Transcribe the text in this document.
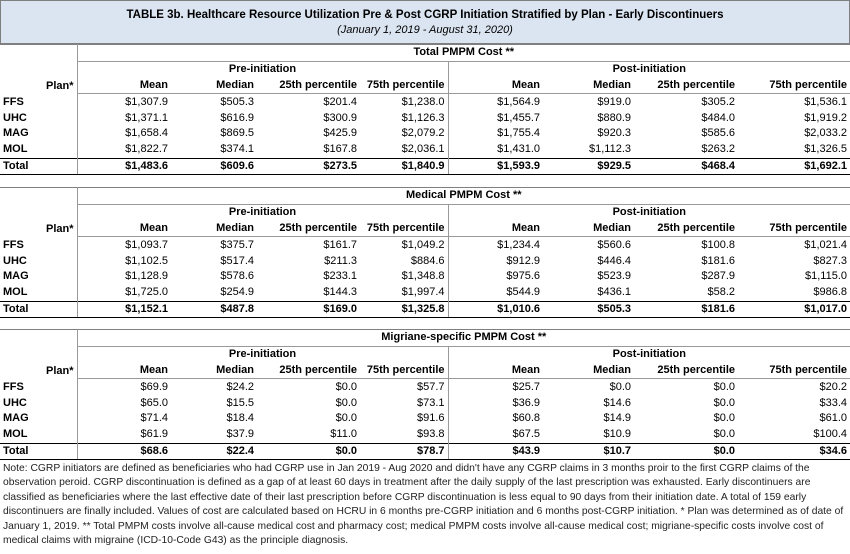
TABLE 3b. Healthcare Resource Utilization Pre & Post CGRP Initiation Stratified by Plan - Early Discontinuers
(January 1, 2019 - August 31, 2020)
Plan*	Total PMPM Cost **							
	Pre-initiation				Post-initiation			
	Mean	Median	25th percentile	75th percentile	Mean	Median	25th percentile	75th percentile
FFS	$1,307.9	$505.3	$201.4	$1,238.0	$1,564.9	$919.0	$305.2	$1,536.1
UHC	$1,371.1	$616.9	$300.9	$1,126.3	$1,455.7	$880.9	$484.0	$1,919.2
MAG	$1,658.4	$869.5	$425.9	$2,079.2	$1,755.4	$920.3	$585.6	$2,033.2
MOL	$1,822.7	$374.1	$167.8	$2,036.1	$1,431.0	$1,112.3	$263.2	$1,326.5
Total	$1,483.6	$609.6	$273.5	$1,840.9	$1,593.9	$929.5	$468.4	$1,692.1
Plan*	Medical PMPM Cost **							
	Pre-initiation				Post-initiation			
	Mean	Median	25th percentile	75th percentile	Mean	Median	25th percentile	75th percentile
FFS	$1,093.7	$375.7	$161.7	$1,049.2	$1,234.4	$560.6	$100.8	$1,021.4
UHC	$1,102.5	$517.4	$211.3	$884.6	$912.9	$446.4	$181.6	$827.3
MAG	$1,128.9	$578.6	$233.1	$1,348.8	$975.6	$523.9	$287.9	$1,115.0
MOL	$1,725.0	$254.9	$144.3	$1,997.4	$544.9	$436.1	$58.2	$986.8
Total	$1,152.1	$487.8	$169.0	$1,325.8	$1,010.6	$505.3	$181.6	$1,017.0
Plan*	Migriane-specific PMPM Cost **							
	Pre-initiation				Post-initiation			
	Mean	Median	25th percentile	75th percentile	Mean	Median	25th percentile	75th percentile
FFS	$69.9	$24.2	$0.0	$57.7	$25.7	$0.0	$0.0	$20.2
UHC	$65.0	$15.5	$0.0	$73.1	$36.9	$14.6	$0.0	$33.4
MAG	$71.4	$18.4	$0.0	$91.6	$60.8	$14.9	$0.0	$61.0
MOL	$61.9	$37.9	$11.0	$93.8	$67.5	$10.9	$0.0	$100.4
Total	$68.6	$22.4	$0.0	$78.7	$43.9	$10.7	$0.0	$34.6
Note: CGRP initiators are defined as beneficiaries who had CGRP use in Jan 2019 - Aug 2020 and didn't have any CGRP claims in 3 months proir to the first CGRP claims of the observation peroid. CGRP discontinuation is defined as a gap of at least 60 days in treatment after the daily supply of the last prescription was exhausted. Early discontinuers are classified as beneficiaries where the last effective date of their last prescription before CGRP discontinuation is less equal to 90 days from their initiation date. A total of 159 early discontinuers are finally included. Values of cost are calculated based on HCRU in 6 months pre-CGRP initiation and 6 months post-CGRP initiation. * Plan was determined as of date of January 1, 2019. ** Total PMPM costs involve all-cause medical cost and pharmacy cost; medical PMPM costs involve all-cause medical cost; migriane-specific costs involve cost of medical claims with migraine (ICD-10-Code G43) as the principle diagnosis.
